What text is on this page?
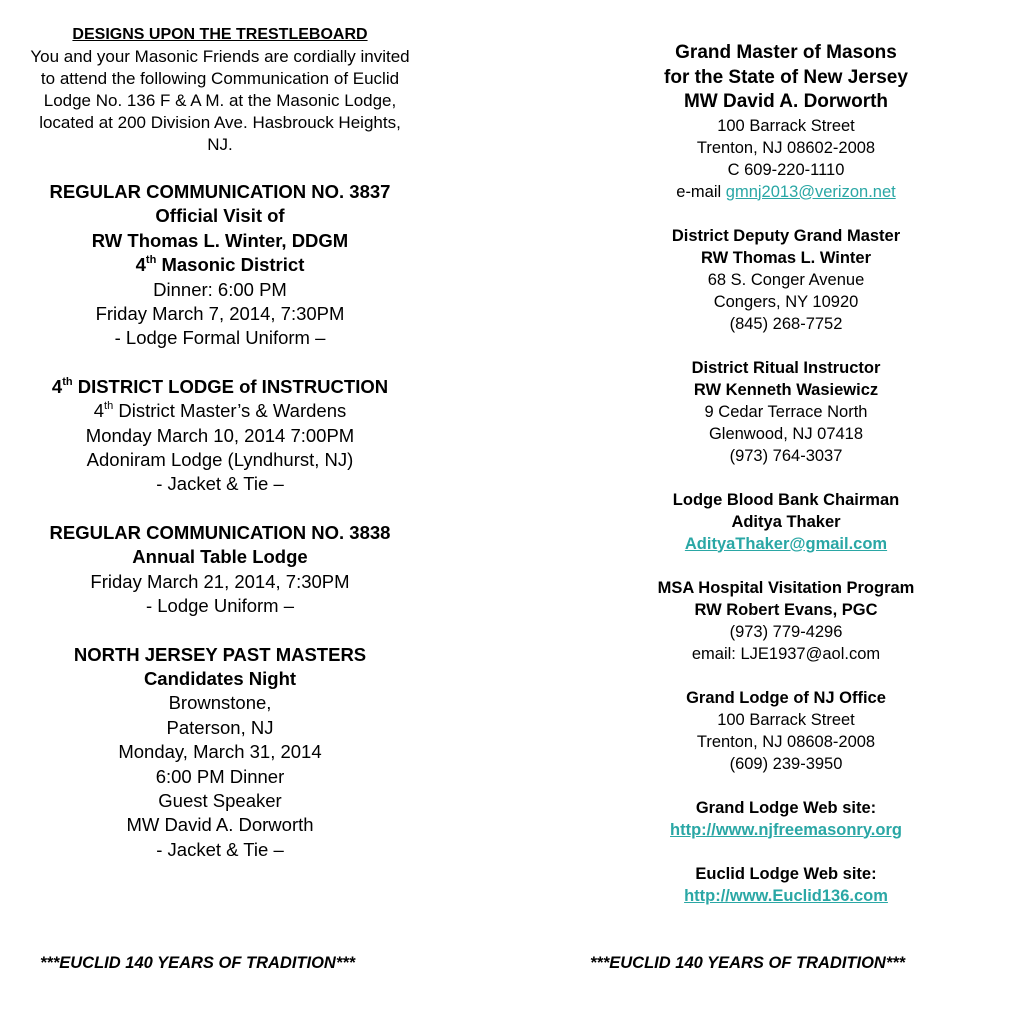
DESIGNS UPON THE TRESTLEBOARD
You and your Masonic Friends are cordially invited
to attend the following Communication of Euclid
Lodge No. 136 F & A M. at the Masonic Lodge,
located at 200 Division Ave. Hasbrouck Heights,
NJ.
REGULAR COMMUNICATION NO. 3837
Official Visit of
RW Thomas L. Winter, DDGM
4th Masonic District
Dinner: 6:00 PM
Friday March 7, 2014, 7:30PM
- Lodge Formal Uniform –
4th DISTRICT LODGE of INSTRUCTION
4th District Master’s & Wardens
Monday March 10, 2014 7:00PM
Adoniram Lodge (Lyndhurst, NJ)
- Jacket & Tie –
REGULAR COMMUNICATION NO. 3838
Annual Table Lodge
Friday March 21, 2014, 7:30PM
- Lodge Uniform –
NORTH JERSEY PAST MASTERS
Candidates Night
Brownstone,
Paterson, NJ
Monday, March 31, 2014
6:00 PM Dinner
Guest Speaker
MW David A. Dorworth
- Jacket & Tie –
Grand Master of Masons
for the State of New Jersey
MW David A. Dorworth
100 Barrack Street
Trenton, NJ 08602-2008
C 609-220-1110
e-mail gmnj2013@verizon.net
District Deputy Grand Master
RW Thomas L. Winter
68 S. Conger Avenue
Congers, NY 10920
(845) 268-7752
District Ritual Instructor
RW Kenneth Wasiewicz
9 Cedar Terrace North
Glenwood, NJ 07418
(973) 764-3037
Lodge Blood Bank Chairman
Aditya Thaker
AdityaThaker@gmail.com
MSA Hospital Visitation Program
RW Robert Evans, PGC
(973) 779-4296
email: LJE1937@aol.com
Grand Lodge of NJ Office
100 Barrack Street
Trenton, NJ 08608-2008
(609) 239-3950
Grand Lodge Web site:
http://www.njfreemasonry.org
Euclid Lodge Web site:
http://www.Euclid136.com
***EUCLID 140 YEARS OF TRADITION***	***EUCLID 140 YEARS OF TRADITION***
